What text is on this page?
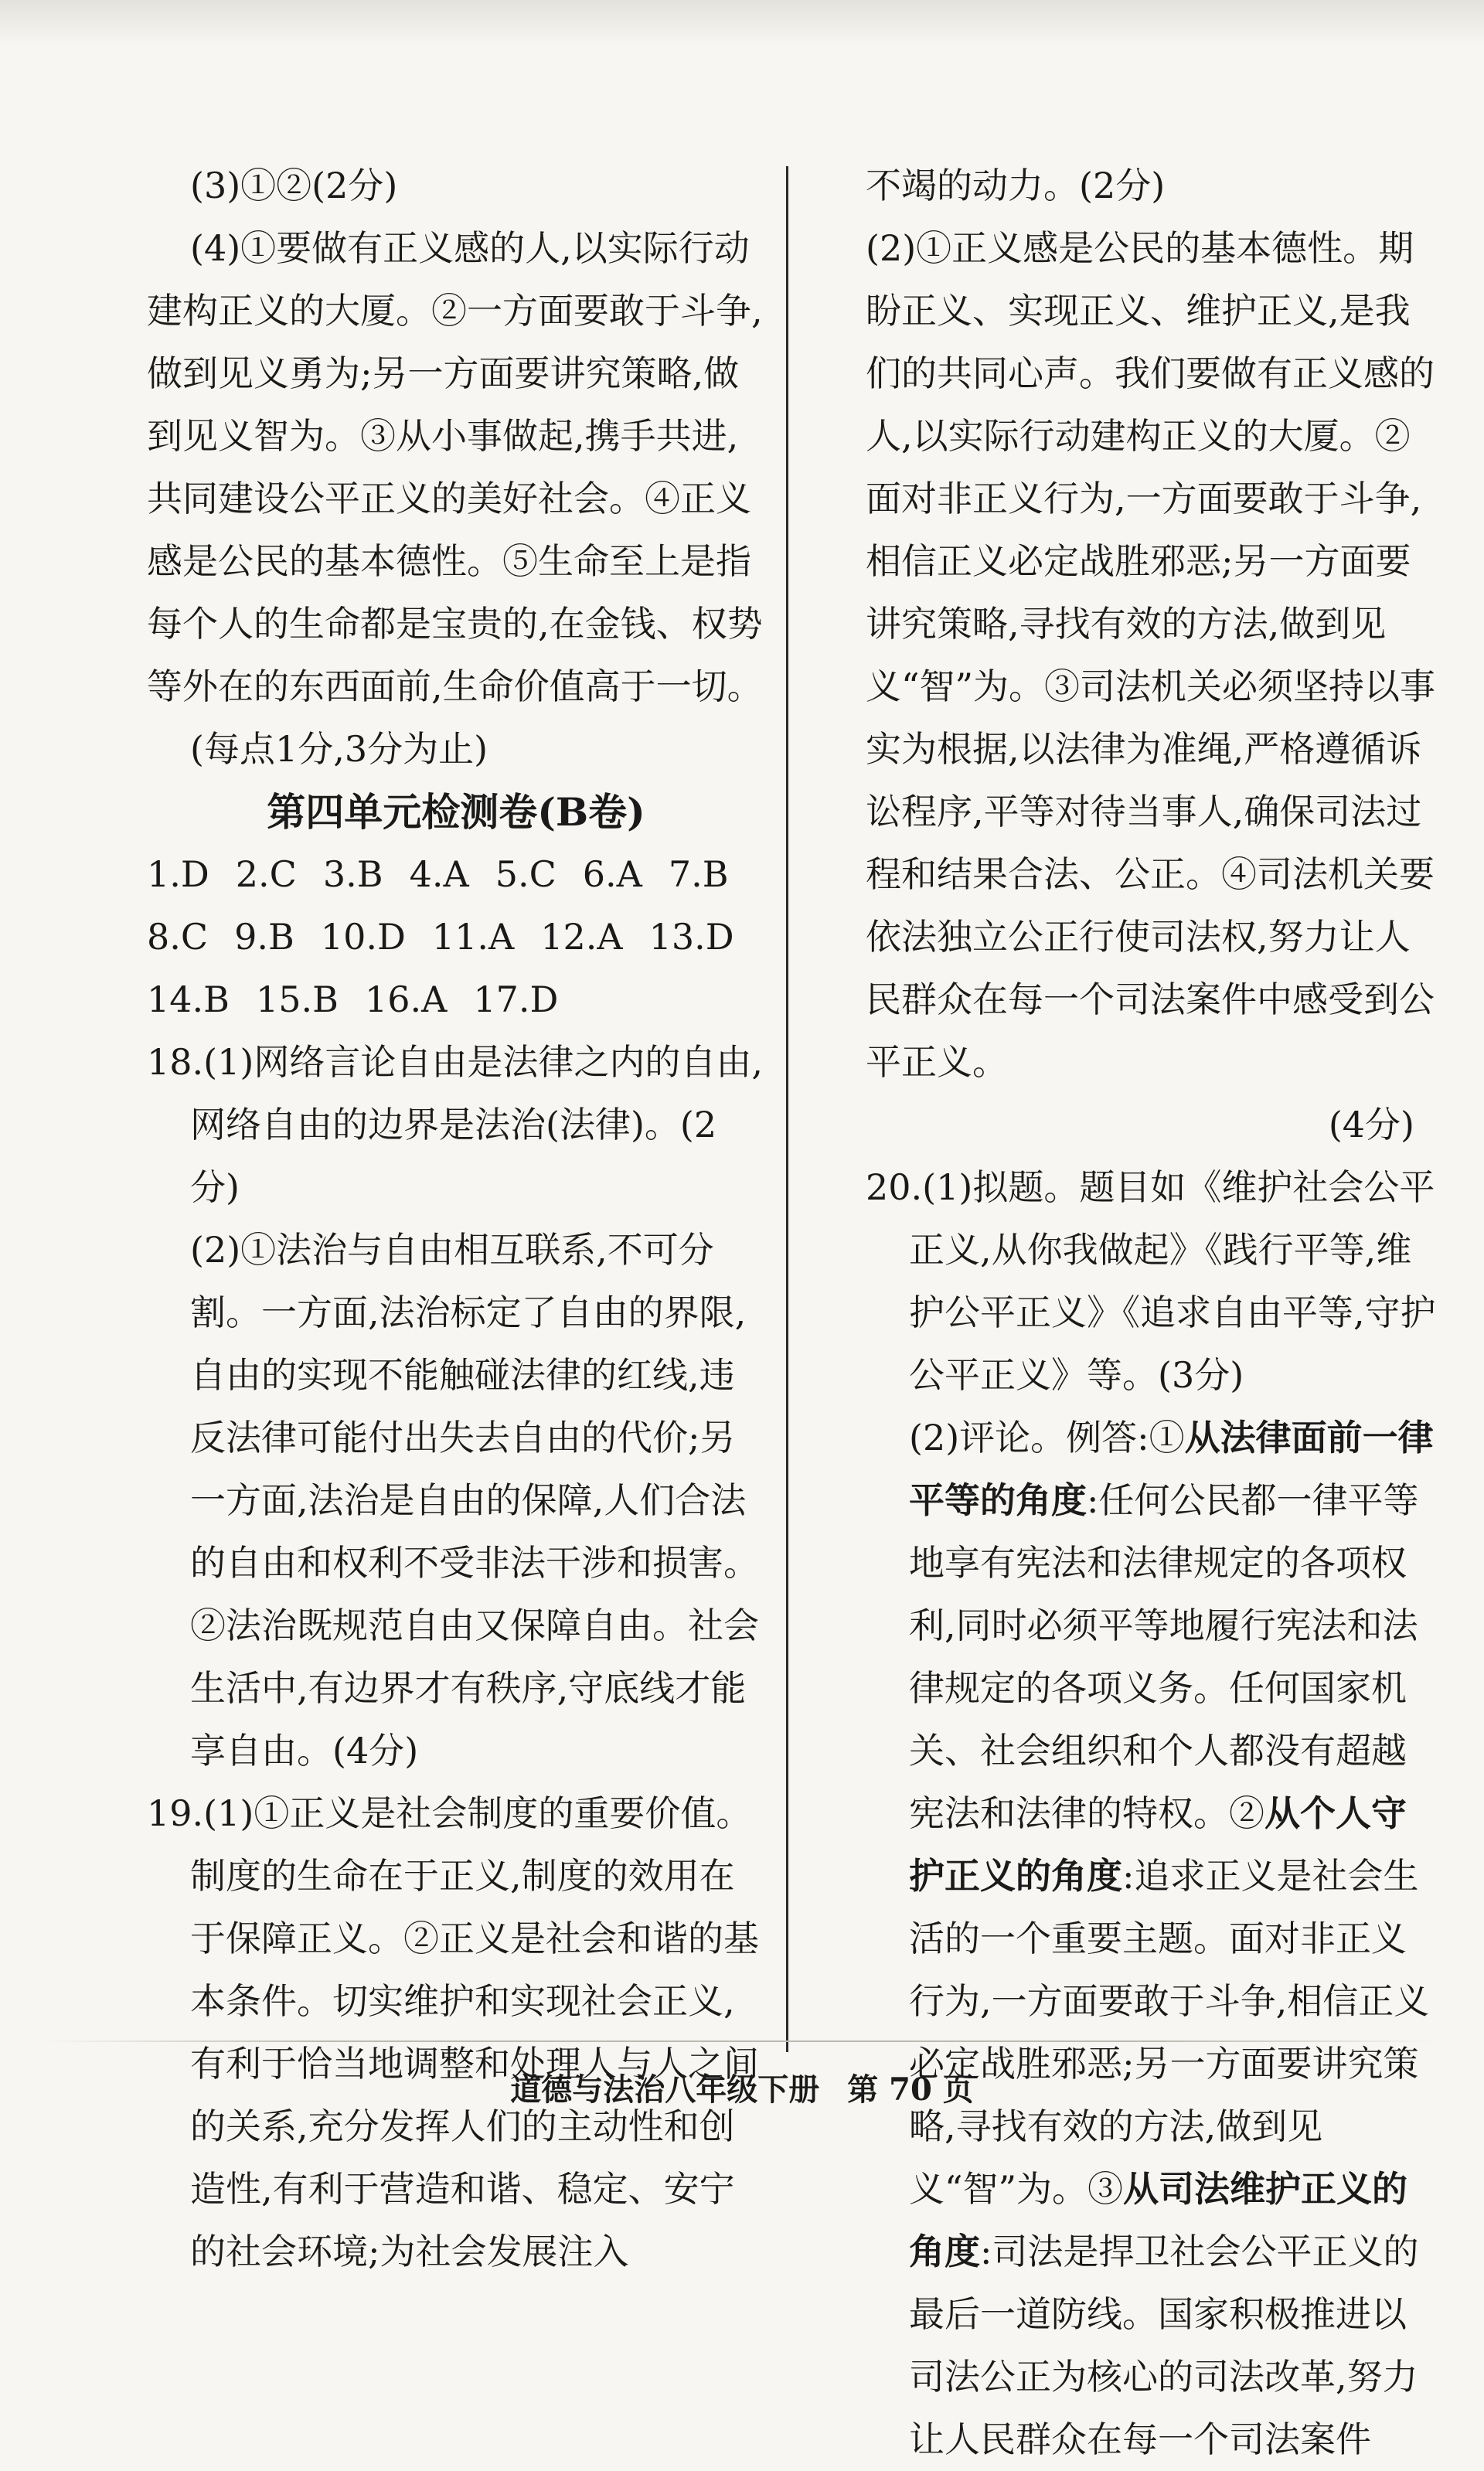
(3)①②(2分)

(4)①要做有正义感的人,以实际行动建构正义的大厦。②一方面要敢于斗争,做到见义勇为;另一方面要讲究策略,做到见义智为。③从小事做起,携手共进,共同建设公平正义的美好社会。④正义感是公民的基本德性。⑤生命至上是指每个人的生命都是宝贵的,在金钱、权势等外在的东西面前,生命价值高于一切。

(每点1分,3分为止)

第四单元检测卷(B卷)

1.D 2.C 3.B 4.A 5.C 6.A 7.B

8.C 9.B 10.D 11.A 12.A 13.D

14.B 15.B 16.A 17.D

18.(1)网络言论自由是法律之内的自由,网络自由的边界是法治(法律)。(2分)

(2)①法治与自由相互联系,不可分割。一方面,法治标定了自由的界限,自由的实现不能触碰法律的红线,违反法律可能付出失去自由的代价;另一方面,法治是自由的保障,人们合法的自由和权利不受非法干涉和损害。②法治既规范自由又保障自由。社会生活中,有边界才有秩序,守底线才能享自由。(4分)

19.(1)①正义是社会制度的重要价值。制度的生命在于正义,制度的效用在于保障正义。②正义是社会和谐的基本条件。切实维护和实现社会正义,有利于恰当地调整和处理人与人之间的关系,充分发挥人们的主动性和创造性,有利于营造和谐、稳定、安宁的社会环境;为社会发展注入

不竭的动力。(2分)

(2)①正义感是公民的基本德性。期盼正义、实现正义、维护正义,是我们的共同心声。我们要做有正义感的人,以实际行动建构正义的大厦。②面对非正义行为,一方面要敢于斗争,相信正义必定战胜邪恶;另一方面要讲究策略,寻找有效的方法,做到见义“智”为。③司法机关必须坚持以事实为根据,以法律为准绳,严格遵循诉讼程序,平等对待当事人,确保司法过程和结果合法、公正。④司法机关要依法独立公正行使司法权,努力让人民群众在每一个司法案件中感受到公平正义。

(4分)

20.(1)拟题。题目如《维护社会公平正义,从你我做起》《践行平等,维护公平正义》《追求自由平等,守护公平正义》等。(3分)

(2)评论。例答:①从法律面前一律平等的角度:任何公民都一律平等地享有宪法和法律规定的各项权利,同时必须平等地履行宪法和法律规定的各项义务。任何国家机关、社会组织和个人都没有超越宪法和法律的特权。②从个人守护正义的角度:追求正义是社会生活的一个重要主题。面对非正义行为,一方面要敢于斗争,相信正义必定战胜邪恶;另一方面要讲究策略,寻找有效的方法,做到见义“智”为。③从司法维护正义的角度:司法是捍卫社会公平正义的最后一道防线。国家积极推进以司法公正为核心的司法改革,努力让人民群众在每一个司法案件

道德与法治八年级下册 第 70 页
